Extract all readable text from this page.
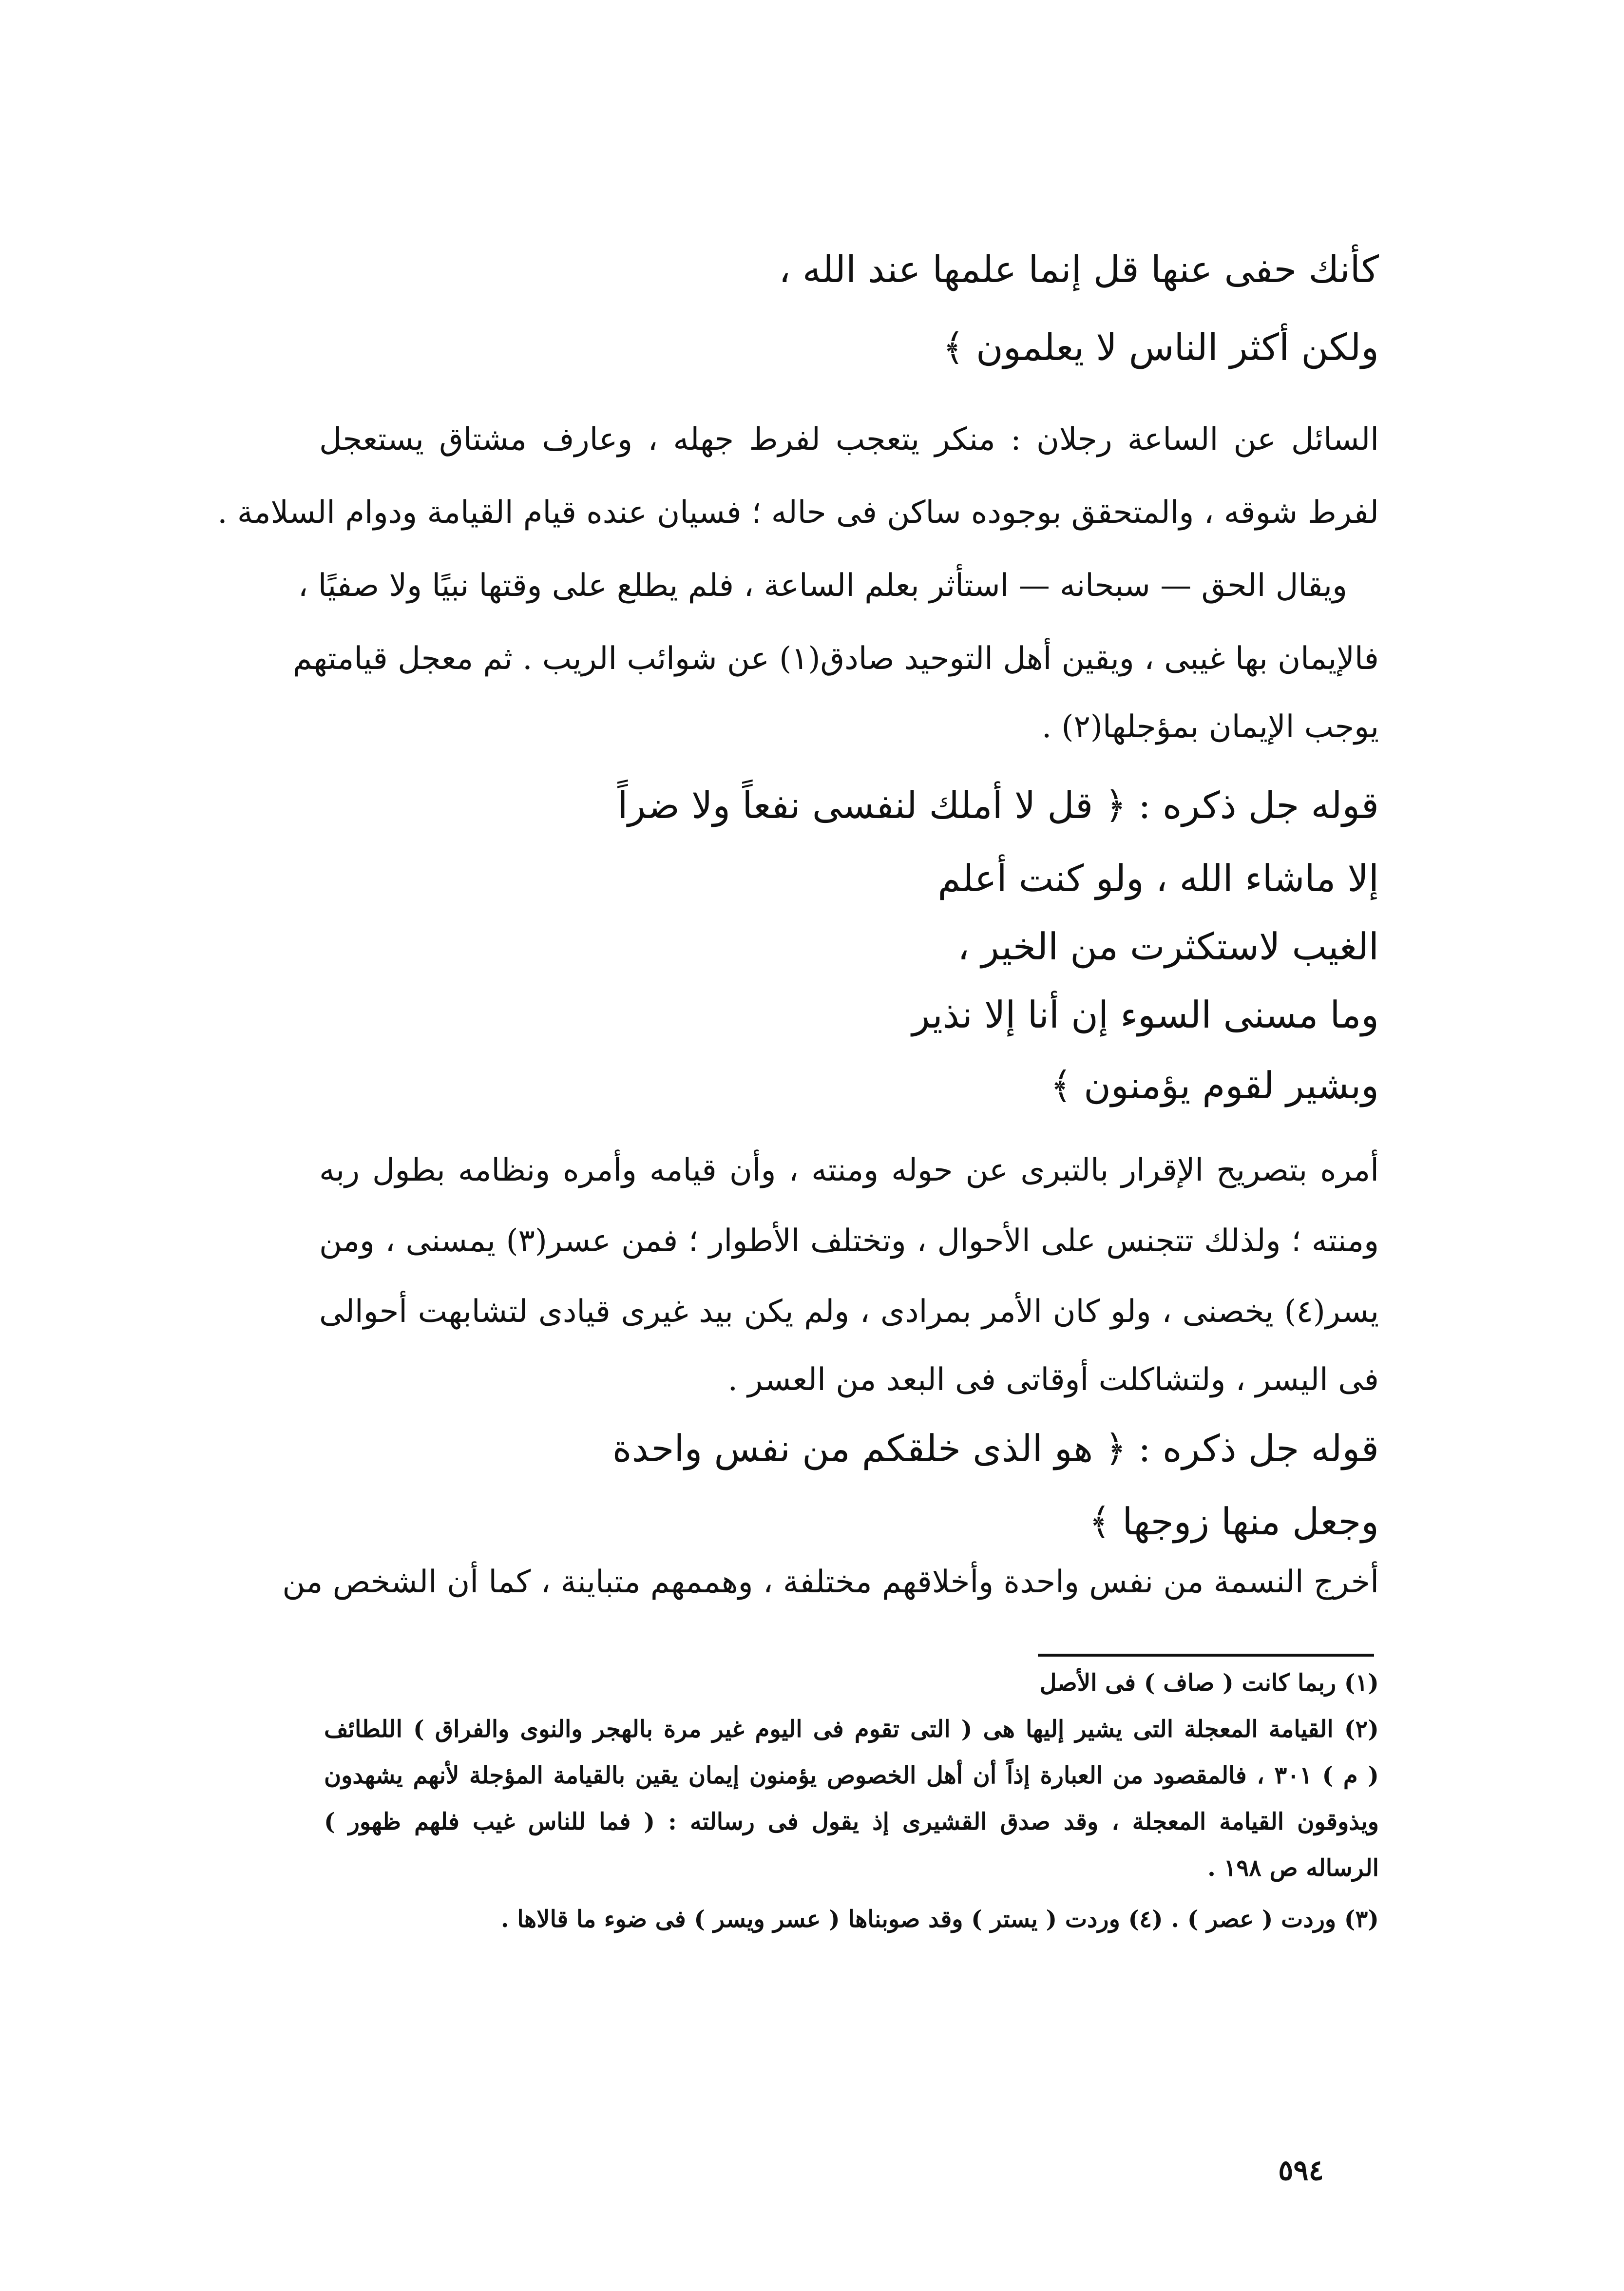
كأنك حفى عنها قل إنما علمها عند الله ،
ولكن أكثر الناس لا يعلمون ﴾
السائل عن الساعة رجلان : منكر يتعجب لفرط جهله ، وعارف مشتاق يستعجل
لفرط شوقه ، والمتحقق بوجوده ساكن فى حاله ؛ فسيان عنده قيام القيامة ودوام السلامة .
ويقال الحق — سبحانه — استأثر بعلم الساعة ، فلم يطلع على وقتها نبيًا ولا صفيًا ،
فالإيمان بها غيبى ، ويقين أهل التوحيد صادق(١) عن شوائب الريب . ثم معجل قيامتهم
يوجب الإيمان بمؤجلها(٢) .
قوله جل ذكره : ﴿ قل لا أملك لنفسى نفعاً ولا ضراً
إلا ماشاء الله ، ولو كنت أعلم
الغيب لاستكثرت من الخير ،
وما مسنى السوء إن أنا إلا نذير
وبشير لقوم يؤمنون ﴾
أمره بتصريح الإقرار بالتبرى عن حوله ومنته ، وأن قيامه وأمره ونظامه بطول ربه
ومنته ؛ ولذلك تتجنس على الأحوال ، وتختلف الأطوار ؛ فمن عسر(٣) يمسنى ، ومن
يسر(٤) يخصنى ، ولو كان الأمر بمرادى ، ولم يكن بيد غيرى قيادى لتشابهت أحوالى
فى اليسر ، ولتشاكلت أوقاتى فى البعد من العسر .
قوله جل ذكره : ﴿ هو الذى خلقكم من نفس واحدة
وجعل منها زوجها ﴾
أخرج النسمة من نفس واحدة وأخلاقهم مختلفة ، وهممهم متباينة ، كما أن الشخص من
(١) ربما كانت ( صاف ) فى الأصل
(٢) القيامة المعجلة التى يشير إليها هى ( التى تقوم فى اليوم غير مرة بالهجر والنوى والفراق ) اللطائف
( م ) ٣٠١ ، فالمقصود من العبارة إذاً أن أهل الخصوص يؤمنون إيمان يقين بالقيامة المؤجلة لأنهم يشهدون
ويذوقون القيامة المعجلة ، وقد صدق القشيرى إذ يقول فى رسالته : ( فما للناس غيب فلهم ظهور )
الرساله ص ١٩٨ .
(٣) وردت ( عصر ) . (٤) وردت ( يستر ) وقد صوبناها ( عسر ويسر ) فى ضوء ما قالاها .
٥٩٤
